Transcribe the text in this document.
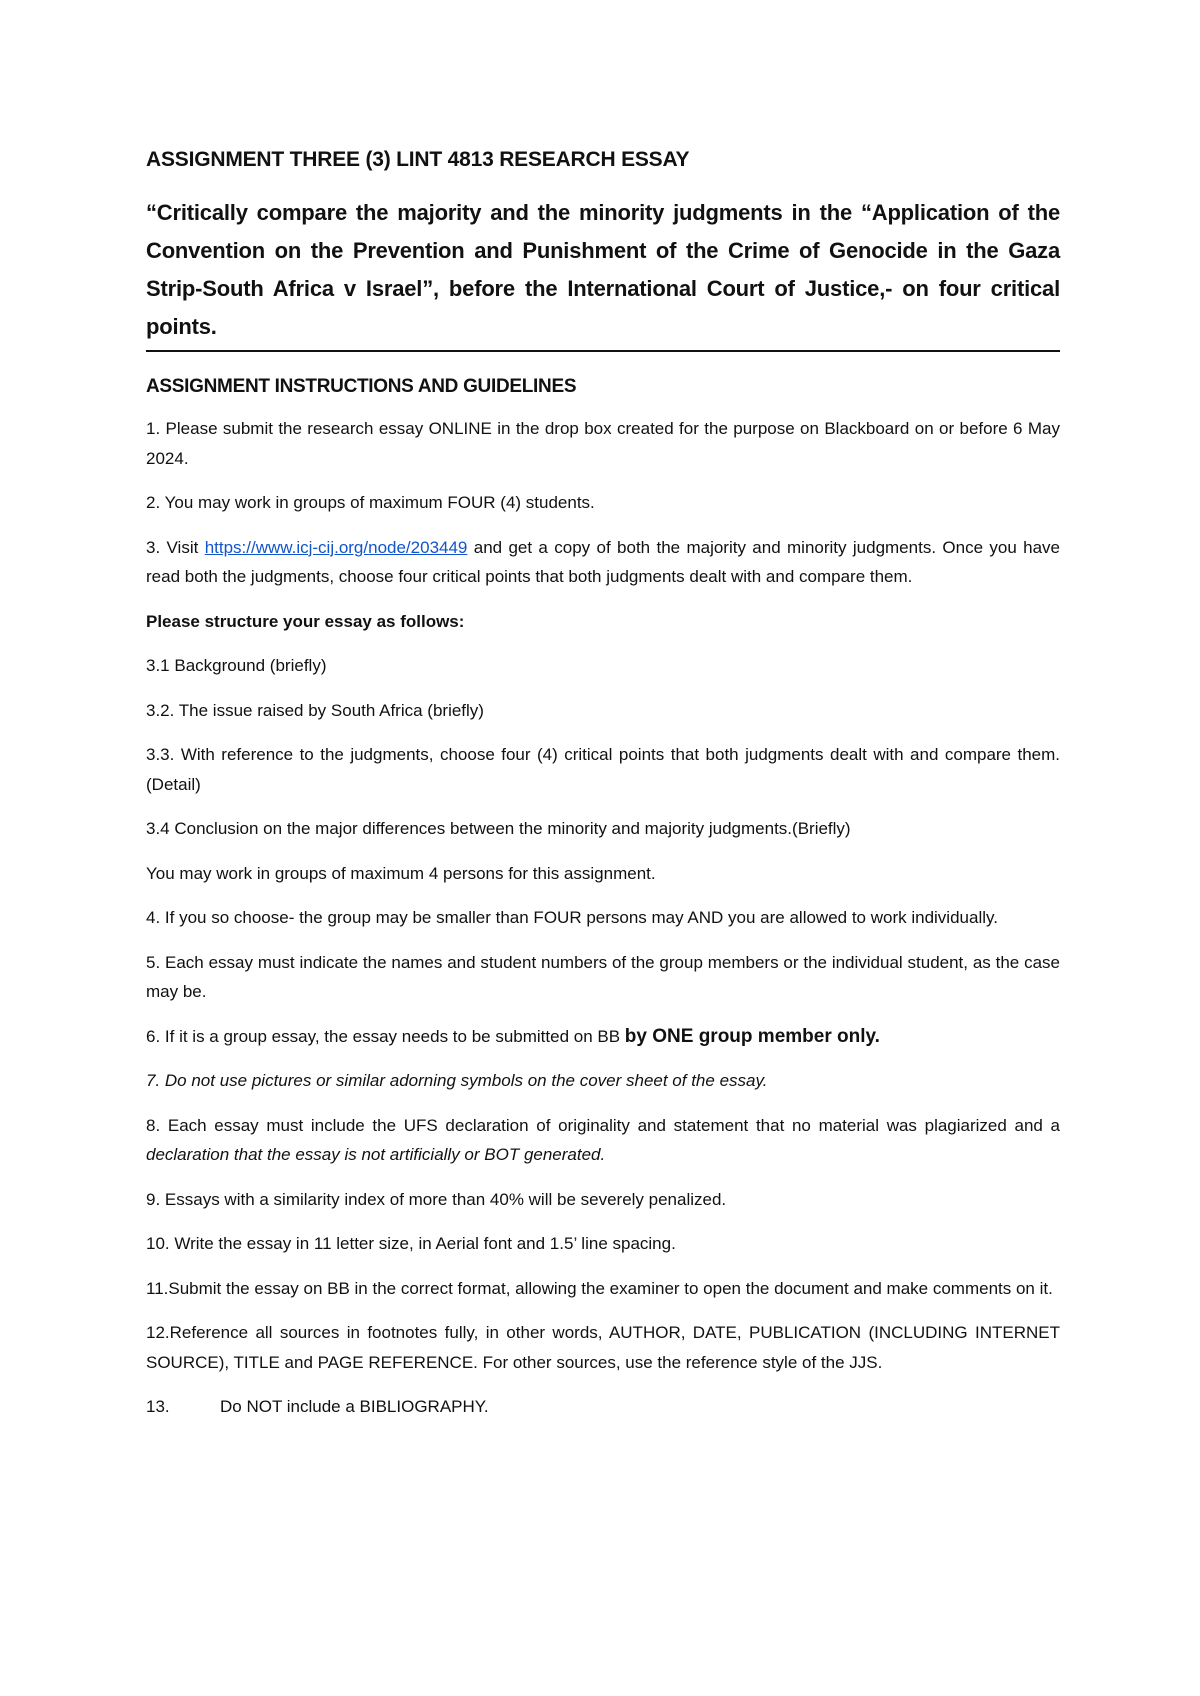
ASSIGNMENT THREE (3) LINT 4813 RESEARCH ESSAY
“Critically compare the majority and the minority judgments in the “Application of the Convention on the Prevention and Punishment of the Crime of Genocide in the Gaza Strip-South Africa v Israel”, before the International Court of Justice,- on four critical points.
ASSIGNMENT INSTRUCTIONS AND GUIDELINES

1. Please submit the research essay ONLINE in the drop box created for the purpose on Blackboard on or before 6 May 2024.

2. You may work in groups of maximum FOUR (4) students.

3. Visit https://www.icj-cij.org/node/203449 and get a copy of both the majority and minority judgments. Once you have read both the judgments, choose four critical points that both judgments dealt with and compare them.

Please structure your essay as follows:

3.1 Background (briefly)

3.2. The issue raised by South Africa (briefly)

3.3. With reference to the judgments, choose four (4) critical points that both judgments dealt with and compare them. (Detail)

3.4 Conclusion on the major differences between the minority and majority judgments.(Briefly)

You may work in groups of maximum 4 persons for this assignment.

4. If you so choose- the group may be smaller than FOUR persons may AND you are allowed to work individually.

5. Each essay must indicate the names and student numbers of the group members or the individual student, as the case may be.

6. If it is a group essay, the essay needs to be submitted on BB by ONE group member only.

7. Do not use pictures or similar adorning symbols on the cover sheet of the essay.

8. Each essay must include the UFS declaration of originality and statement that no material was plagiarized and a declaration that the essay is not artificially or BOT generated.

9. Essays with a similarity index of more than 40% will be severely penalized.

10. Write the essay in 11 letter size, in Aerial font and 1.5’ line spacing.

11.Submit the essay on BB in the correct format, allowing the examiner to open the document and make comments on it.

12.Reference all sources in footnotes fully, in other words, AUTHOR, DATE, PUBLICATION (INCLUDING INTERNET SOURCE), TITLE and PAGE REFERENCE. For other sources, use the reference style of the JJS.

13.	Do NOT include a BIBLIOGRAPHY.
